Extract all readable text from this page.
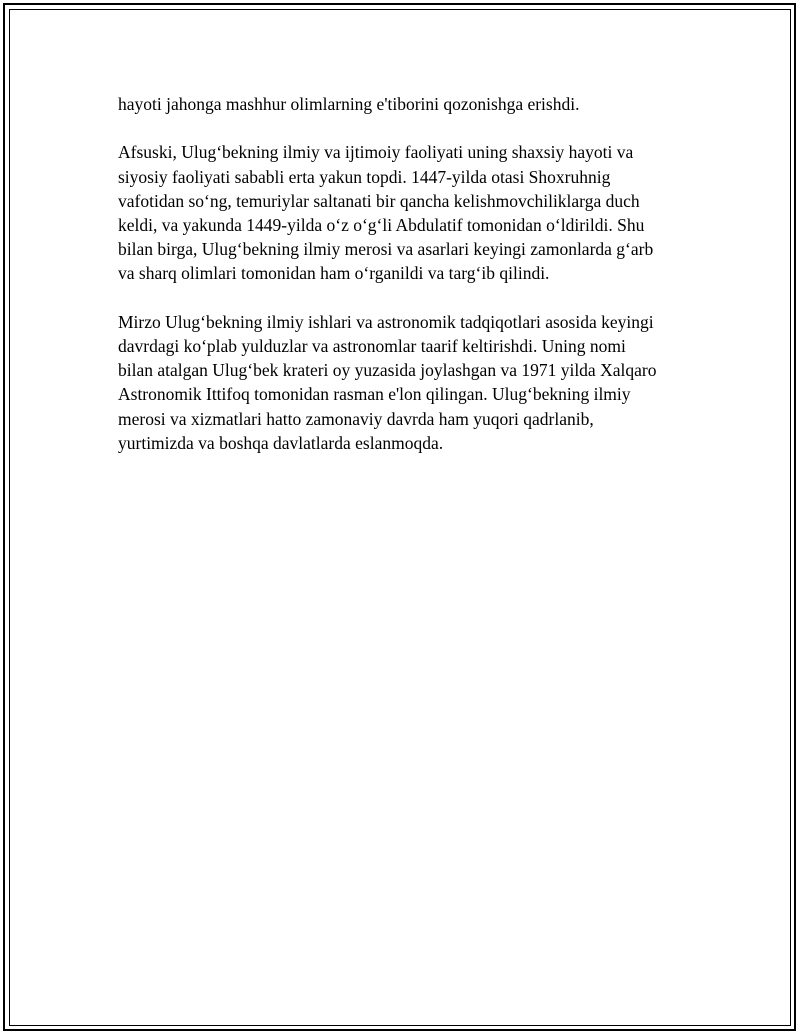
hayoti jahonga mashhur olimlarning e'tiborini qozonishga erishdi.

Afsuski, Ulug‘bekning ilmiy va ijtimoiy faoliyati uning shaxsiy hayoti va
siyosiy faoliyati sababli erta yakun topdi. 1447-yilda otasi Shoxruhnig
vafotidan so‘ng, temuriylar saltanati bir qancha kelishmovchiliklarga duch
keldi, va yakunda 1449-yilda o‘z o‘g‘li Abdulatif tomonidan o‘ldirildi. Shu
bilan birga, Ulug‘bekning ilmiy merosi va asarlari keyingi zamonlarda g‘arb
va sharq olimlari tomonidan ham o‘rganildi va targ‘ib qilindi.

Mirzo Ulug‘bekning ilmiy ishlari va astronomik tadqiqotlari asosida keyingi
davrdagi ko‘plab yulduzlar va astronomlar taarif keltirishdi. Uning nomi
bilan atalgan Ulug‘bek krateri oy yuzasida joylashgan va 1971 yilda Xalqaro
Astronomik Ittifoq tomonidan rasman e'lon qilingan. Ulug‘bekning ilmiy
merosi va xizmatlari hatto zamonaviy davrda ham yuqori qadrlanib,
yurtimizda va boshqa davlatlarda eslanmoqda.
